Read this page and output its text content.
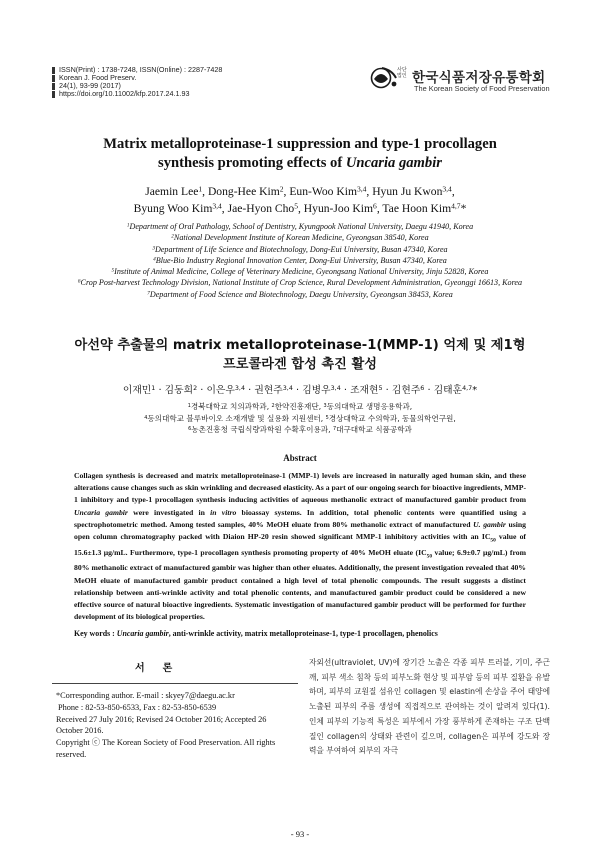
ISSN(Print) : 1738-7248, ISSN(Online) : 2287-7428
Korean J. Food Preserv.
24(1), 93-99 (2017)
https://doi.org/10.11002/kfp.2017.24.1.93
사단법인 한국식품저장유통학회
The Korean Society of Food Preservation
Matrix metalloproteinase-1 suppression and type-1 procollagen
synthesis promoting effects of Uncaria gambir
Jaemin Lee$^1$, Dong-Hee Kim$^2$, Eun-Woo Kim$^{3,4}$, Hyun Ju Kwon$^{3,4}$,
Byung Woo Kim$^{3,4}$, Jae-Hyon Cho$^5$, Hyun-Joo Kim$^6$, Tae Hoon Kim$^{4,7}$*
$^1$Department of Oral Pathology, School of Dentistry, Kyungpook National University, Daegu 41940, Korea
$^2$National Development Institute of Korean Medicine, Gyeongsan 38540, Korea
$^3$Department of Life Science and Biotechnology, Dong-Eui University, Busan 47340, Korea
$^4$Blue-Bio Industry Regional Innovation Center, Dong-Eui University, Busan 47340, Korea
$^5$Institute of Animal Medicine, College of Veterinary Medicine, Gyeongsang National University, Jinju 52828, Korea
$^6$Crop Post-harvest Technology Division, National Institute of Crop Science, Rural Development Administration, Gyeonggi 16613, Korea
$^7$Department of Food Science and Biotechnology, Daegu University, Gyeongsan 38453, Korea
아선약 추출물의 matrix metalloproteinase-1(MMP-1) 억제 및 제1형
프로콜라겐 합성 촉진 활성
이재민$^1$ · 김동희$^2$ · 이은우$^{3,4}$ · 권현주$^{3,4}$ · 김병우$^{3,4}$ · 조재현$^5$ · 김현주$^6$ · 김태훈$^{4,7}$*
$^1$경북대학교 치의과학과, $^2$한약진흥재단, $^3$동의대학교 생명응용학과,
$^4$동의대학교 블루바이오 소재개발 및 실용화 지원센터, $^5$경상대학교 수의학과, 동물의학연구원,
$^6$농촌진흥청 국립식량과학원 수확후이용과, $^7$대구대학교 식품공학과
Abstract
Collagen synthesis is decreased and matrix metalloproteinase-1 (MMP-1) levels are increased in naturally aged human skin, and these alterations cause changes such as skin wrinkling and decreased elasticity. As a part of our ongoing search for bioactive ingredients, MMP-1 inhibitory and type-1 procollagen synthesis inducing activities of aqueous methanolic extract of manufactured gambir product from Uncaria gambir were investigated in in vitro bioassay systems. In addition, total phenolic contents were quantified using a spectrophotometric method. Among tested samples, 40% MeOH eluate from 80% methanolic extract of manufactured U. gambir using open column chromatography packed with Diaion HP-20 resin showed significant MMP-1 inhibitory activities with an $IC_{50}$ value of 15.6±1.3 μg/mL. Furthermore, type-1 procollagen synthesis promoting property of 40% MeOH eluate ($IC_{50}$ value; 6.9±0.7 μg/mL) from 80% methanolic extract of manufactured gambir was higher than other eluates. Additionally, the present investigation revealed that 40% MeOH eluate of manufactured gambir product contained a high level of total phenolic compounds. The result suggests a distinct relationship between anti-wrinkle activity and total phenolic contents, and manufactured gambir product could be considered a new effective source of natural bioactive ingredients. Systematic investigation of manufactured gambir product will be performed for further development of its biological properties.
Key words : Uncaria gambir, anti-wrinkle activity, matrix metalloproteinase-1, type-1 procollagen, phenolics
서론
*Corresponding author. E-mail : skyey7@daegu.ac.kr
Phone : 82-53-850-6533, Fax : 82-53-850-6539
Received 27 July 2016; Revised 24 October 2016; Accepted 26 October 2016.
Copyright ⓒ The Korean Society of Food Preservation. All rights reserved.
자외선(ultraviolet, UV)에 장기간 노출은 각종 피부 트러블, 기미, 주근깨, 피부 색소 침착 등의 피부노화 현상 및 피부암 등의 피부 질환을 유발하며, 피부의 교원질 섬유인 collagen 및 elastin에 손상을 주어 태양에 노출된 피부의 주름 생성에 직접적으로 관여하는 것이 알려져 있다(1). 인체 피부의 기능적 특성은 피부에서 가장 풍부하게 존재하는 구조 단백질인 collagen의 상태와 관련이 깊으며, collagen은 피부에 강도와 장력을 부여하여 외부의 자극
- 93 -
